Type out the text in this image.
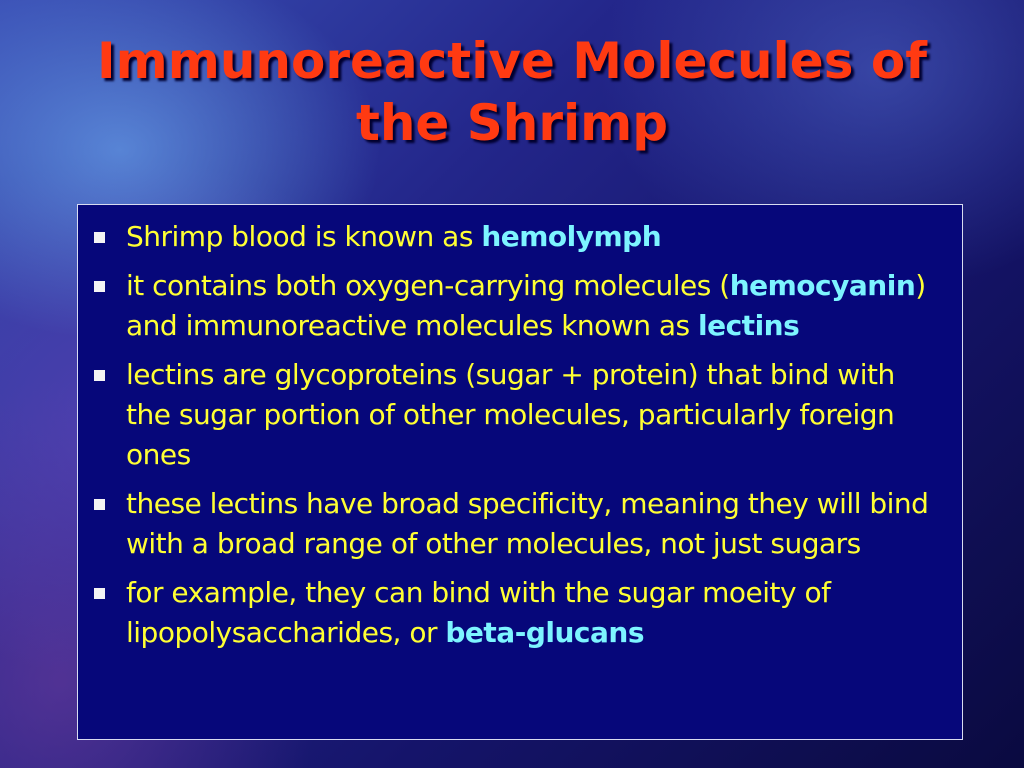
Immunoreactive Molecules of
the Shrimp
Shrimp blood is known as hemolymph
it contains both oxygen-carrying molecules (hemocyanin) and immunoreactive molecules known as lectins
lectins are glycoproteins (sugar + protein) that bind with the sugar portion of other molecules, particularly foreign ones
these lectins have broad specificity, meaning they will bind with a broad range of other molecules, not just sugars
for example, they can bind with the sugar moeity of lipopolysaccharides, or beta-glucans
